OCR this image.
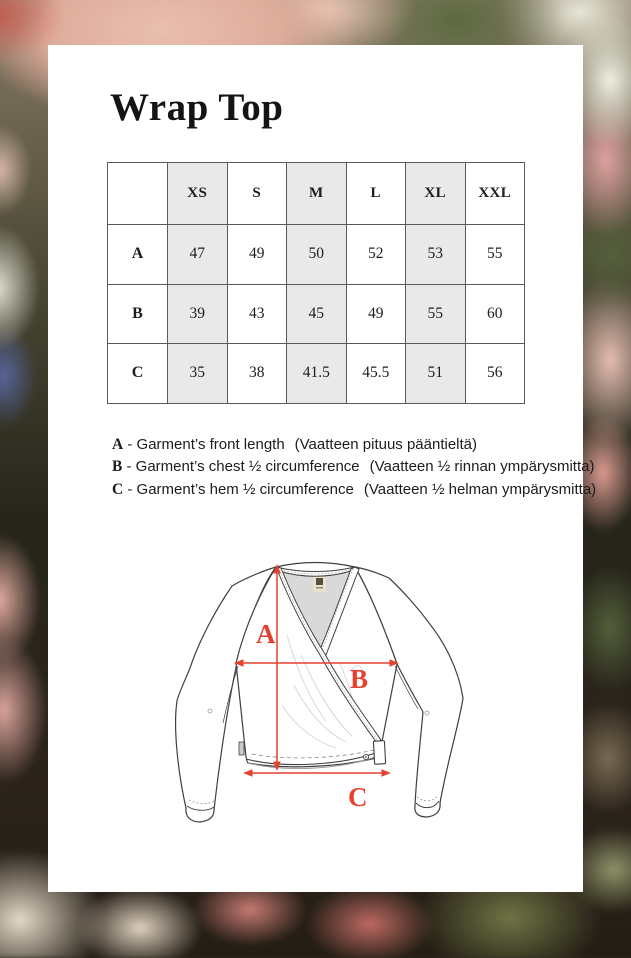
Wrap Top
	XS	S	M	L	XL	XXL
A	47	49	50	52	53	55
B	39	43	45	49	55	60
C	35	38	41.5	45.5	51	56
A - Garment’s front length (Vaatteen pituus pääntieltä)
B - Garment’s chest ½ circumference (Vaatteen ½ rinnan ympärysmitta)
C - Garment’s hem ½ circumference (Vaatteen ½ helman ympärysmitta)
A
B
C
